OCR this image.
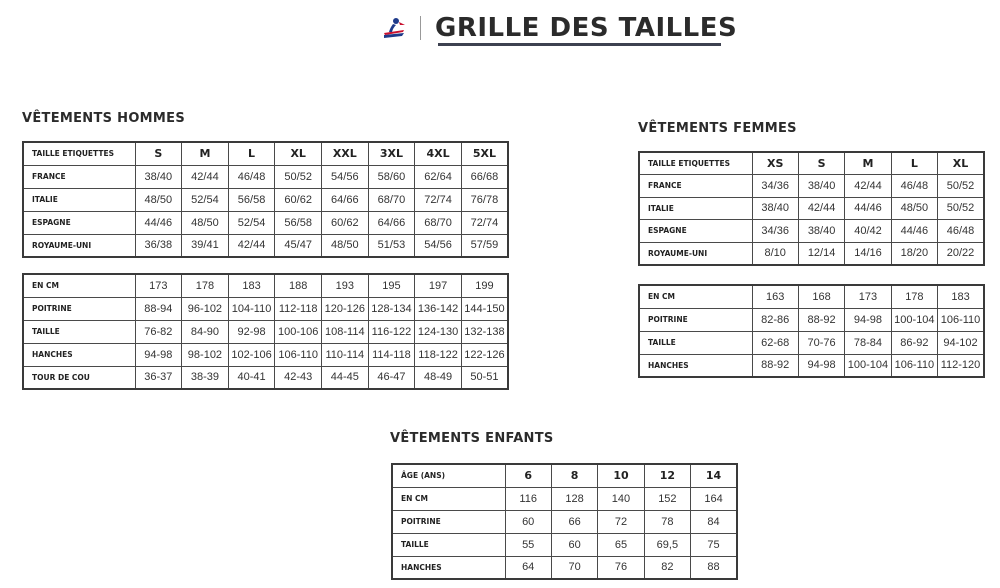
GRILLE DES TAILLES
VÊTEMENTS HOMMES
TAILLE ETIQUETTES	S	M	L	XL	XXL	3XL	4XL	5XL
FRANCE	38/40	42/44	46/48	50/52	54/56	58/60	62/64	66/68
ITALIE	48/50	52/54	56/58	60/62	64/66	68/70	72/74	76/78
ESPAGNE	44/46	48/50	52/54	56/58	60/62	64/66	68/70	72/74
ROYAUME-UNI	36/38	39/41	42/44	45/47	48/50	51/53	54/56	57/59
EN CM	173	178	183	188	193	195	197	199
POITRINE	88-94	96-102	104-110	112-118	120-126	128-134	136-142	144-150
TAILLE	76-82	84-90	92-98	100-106	108-114	116-122	124-130	132-138
HANCHES	94-98	98-102	102-106	106-110	110-114	114-118	118-122	122-126
TOUR DE COU	36-37	38-39	40-41	42-43	44-45	46-47	48-49	50-51
VÊTEMENTS FEMMES
TAILLE ETIQUETTES	XS	S	M	L	XL
FRANCE	34/36	38/40	42/44	46/48	50/52
ITALIE	38/40	42/44	44/46	48/50	50/52
ESPAGNE	34/36	38/40	40/42	44/46	46/48
ROYAUME-UNI	8/10	12/14	14/16	18/20	20/22
EN CM	163	168	173	178	183
POITRINE	82-86	88-92	94-98	100-104	106-110
TAILLE	62-68	70-76	78-84	86-92	94-102
HANCHES	88-92	94-98	100-104	106-110	112-120
VÊTEMENTS ENFANTS
ÂGE (ANS)	6	8	10	12	14
EN CM	116	128	140	152	164
POITRINE	60	66	72	78	84
TAILLE	55	60	65	69,5	75
HANCHES	64	70	76	82	88
